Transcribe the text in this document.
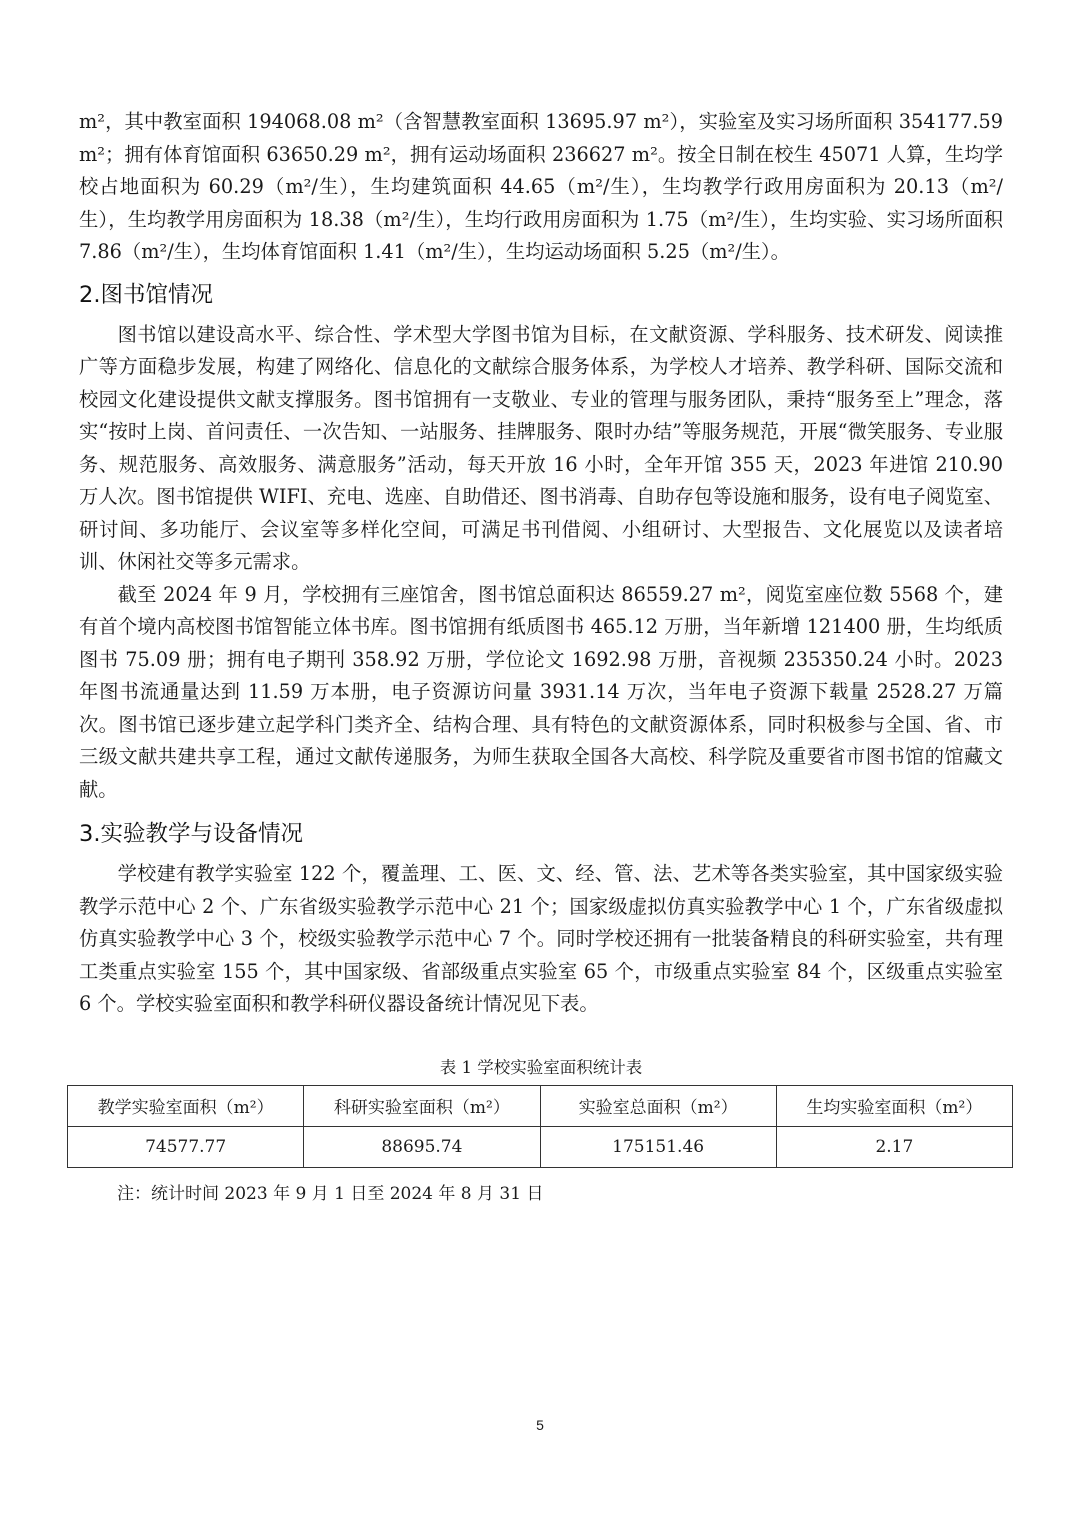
m²，其中教室面积 194068.08 m²（含智慧教室面积 13695.97 m²），实验室及实习场所面积 354177.59 m²；拥有体育馆面积 63650.29 m²，拥有运动场面积 236627 m²。按全日制在校生 45071 人算，生均学校占地面积为 60.29（m²/生），生均建筑面积 44.65（m²/生），生均教学行政用房面积为 20.13（m²/生），生均教学用房面积为 18.38（m²/生），生均行政用房面积为 1.75（m²/生），生均实验、实习场所面积 7.86（m²/生），生均体育馆面积 1.41（m²/生），生均运动场面积 5.25（m²/生）。

2.图书馆情况

图书馆以建设高水平、综合性、学术型大学图书馆为目标，在文献资源、学科服务、技术研发、阅读推广等方面稳步发展，构建了网络化、信息化的文献综合服务体系，为学校人才培养、教学科研、国际交流和校园文化建设提供文献支撑服务。图书馆拥有一支敬业、专业的管理与服务团队，秉持“服务至上”理念，落实“按时上岗、首问责任、一次告知、一站服务、挂牌服务、限时办结”等服务规范，开展“微笑服务、专业服务、规范服务、高效服务、满意服务”活动，每天开放 16 小时，全年开馆 355 天，2023 年进馆 210.90 万人次。图书馆提供 WIFI、充电、选座、自助借还、图书消毒、自助存包等设施和服务，设有电子阅览室、研讨间、多功能厅、会议室等多样化空间，可满足书刊借阅、小组研讨、大型报告、文化展览以及读者培训、休闲社交等多元需求。

截至 2024 年 9 月，学校拥有三座馆舍，图书馆总面积达 86559.27 m²，阅览室座位数 5568 个，建有首个境内高校图书馆智能立体书库。图书馆拥有纸质图书 465.12 万册，当年新增 121400 册，生均纸质图书 75.09 册；拥有电子期刊 358.92 万册，学位论文 1692.98 万册，音视频 235350.24 小时。2023 年图书流通量达到 11.59 万本册，电子资源访问量 3931.14 万次，当年电子资源下载量 2528.27 万篇次。图书馆已逐步建立起学科门类齐全、结构合理、具有特色的文献资源体系，同时积极参与全国、省、市三级文献共建共享工程，通过文献传递服务，为师生获取全国各大高校、科学院及重要省市图书馆的馆藏文献。

3.实验教学与设备情况

学校建有教学实验室 122 个，覆盖理、工、医、文、经、管、法、艺术等各类实验室，其中国家级实验教学示范中心 2 个、广东省级实验教学示范中心 21 个；国家级虚拟仿真实验教学中心 1 个，广东省级虚拟仿真实验教学中心 3 个，校级实验教学示范中心 7 个。同时学校还拥有一批装备精良的科研实验室，共有理工类重点实验室 155 个，其中国家级、省部级重点实验室 65 个，市级重点实验室 84 个，区级重点实验室 6 个。学校实验室面积和教学科研仪器设备统计情况见下表。

表 1 学校实验室面积统计表
教学实验室面积（m²）	科研实验室面积（m²）	实验室总面积（m²）	生均实验室面积（m²）
74577.77	88695.74	175151.46	2.17
注：统计时间 2023 年 9 月 1 日至 2024 年 8 月 31 日
5
